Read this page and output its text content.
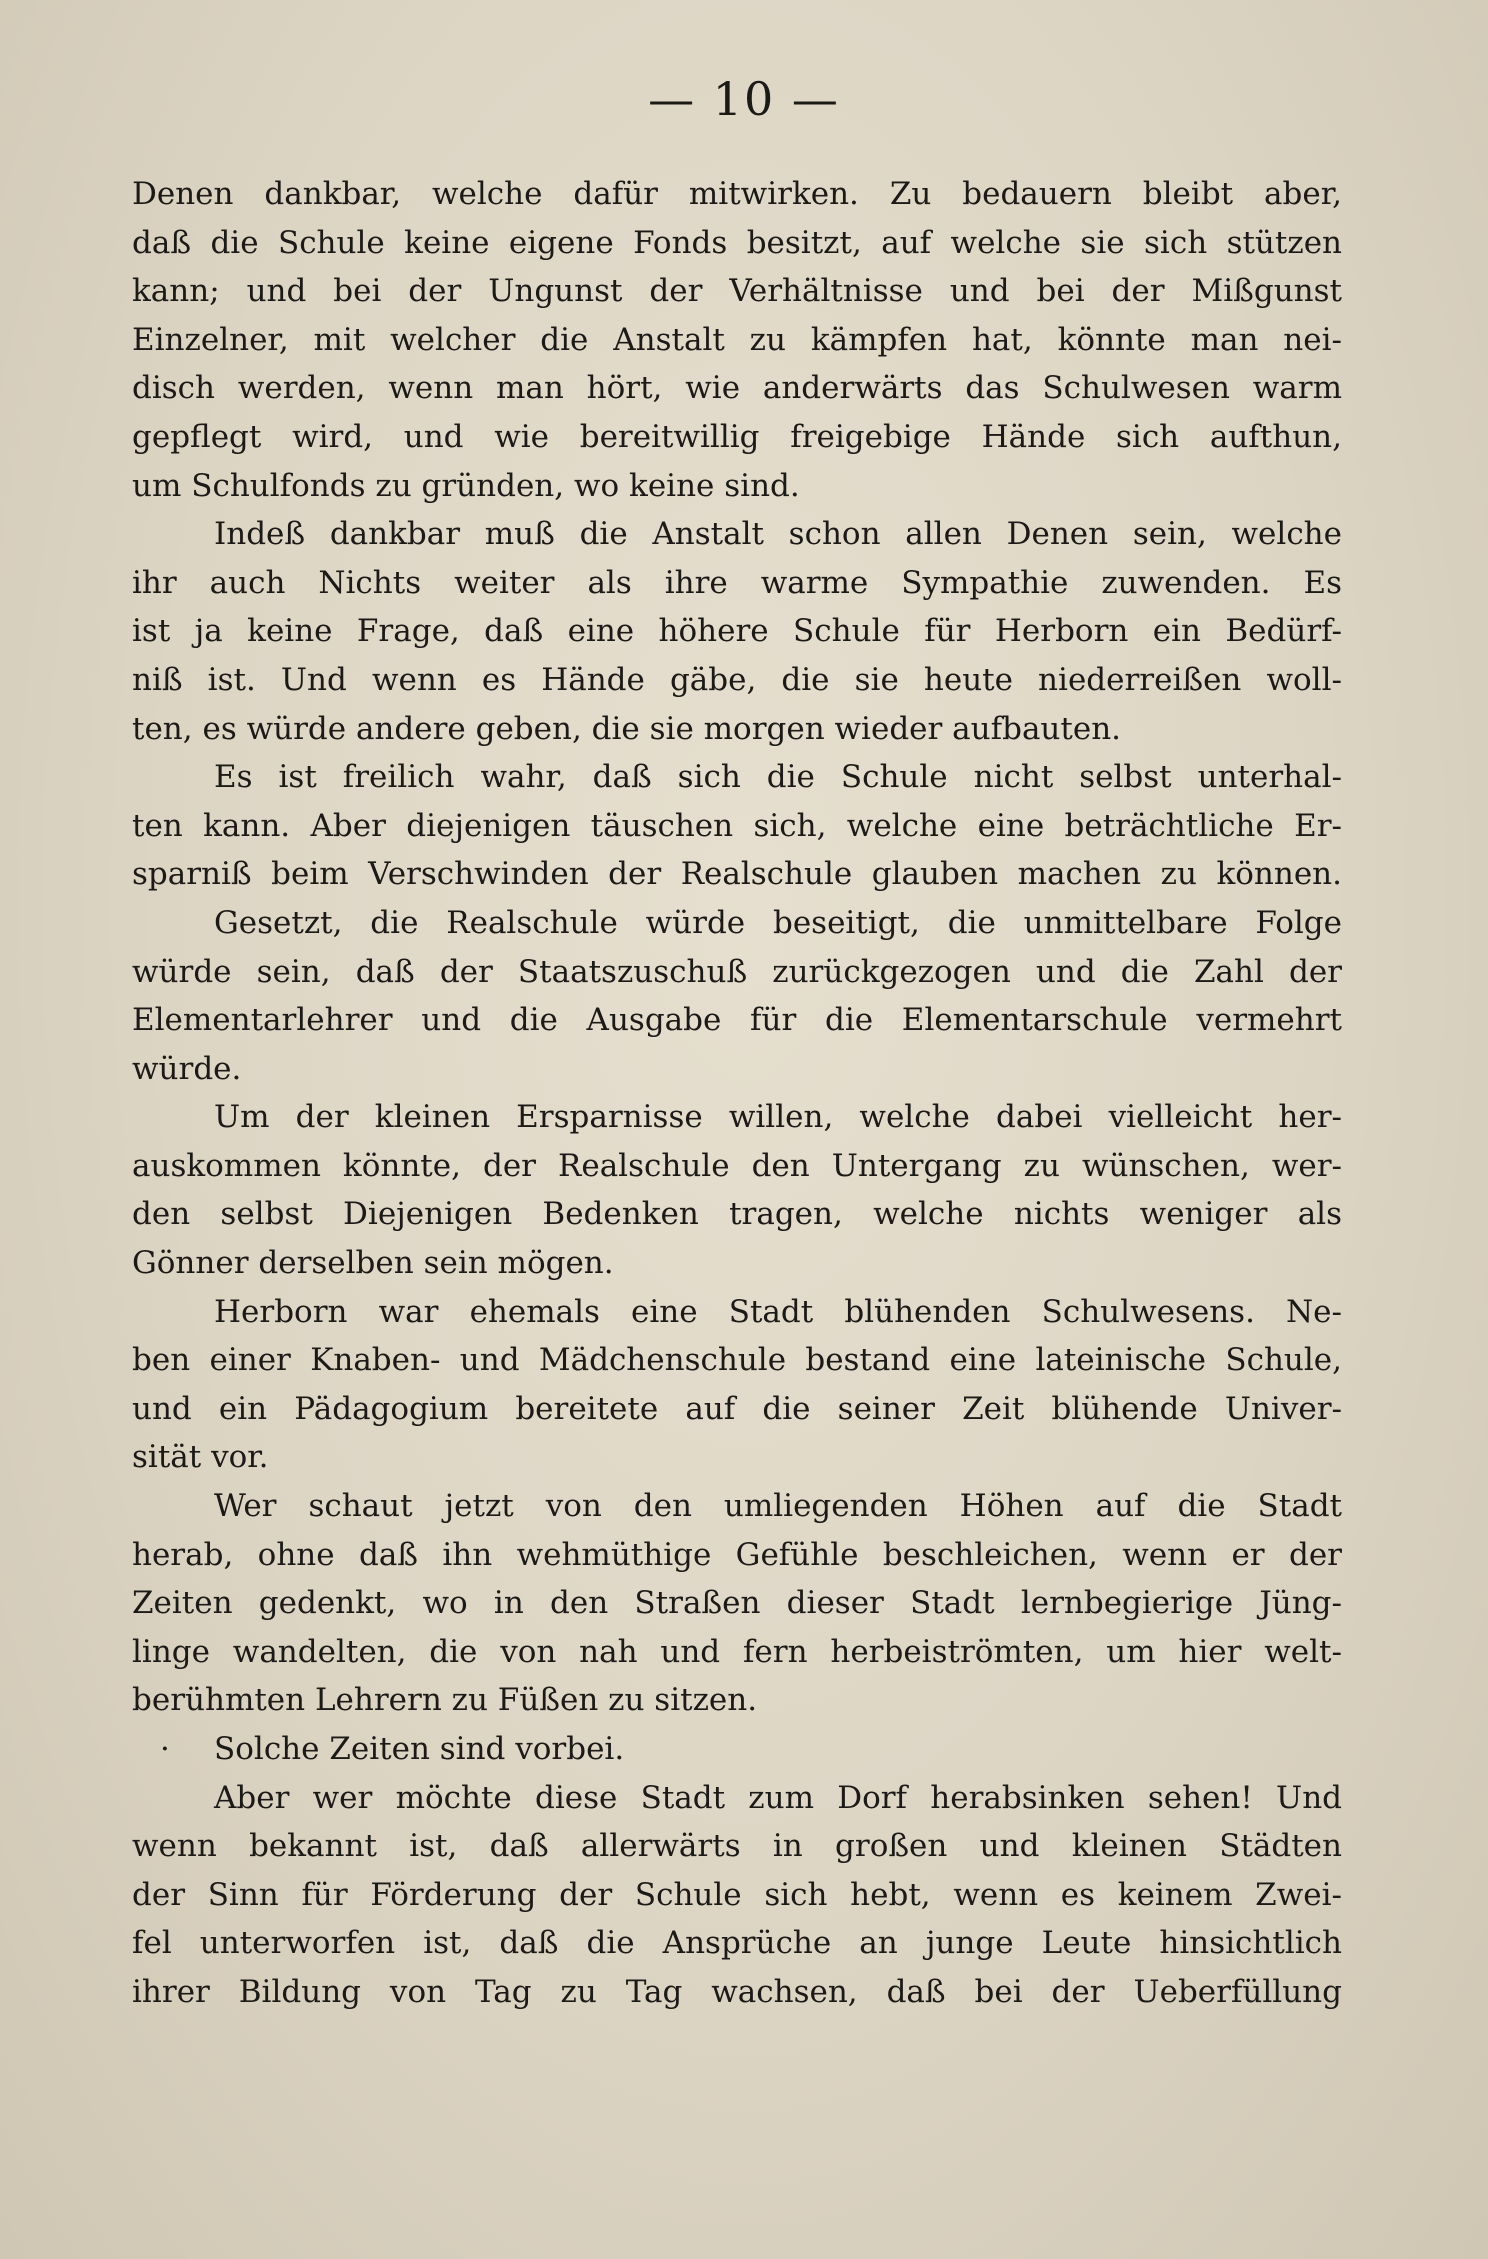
— 10 —
Denen dankbar, welche dafür mitwirken. Zu bedauern bleibt aber,
daß die Schule keine eigene Fonds besitzt, auf welche sie sich stützen
kann; und bei der Ungunst der Verhältnisse und bei der Mißgunst
Einzelner, mit welcher die Anstalt zu kämpfen hat, könnte man nei-
disch werden, wenn man hört, wie anderwärts das Schulwesen warm
gepflegt wird, und wie bereitwillig freigebige Hände sich aufthun,
um Schulfonds zu gründen, wo keine sind.
Indeß dankbar muß die Anstalt schon allen Denen sein, welche
ihr auch Nichts weiter als ihre warme Sympathie zuwenden. Es
ist ja keine Frage, daß eine höhere Schule für Herborn ein Bedürf-
niß ist. Und wenn es Hände gäbe, die sie heute niederreißen woll-
ten, es würde andere geben, die sie morgen wieder aufbauten.
Es ist freilich wahr, daß sich die Schule nicht selbst unterhal-
ten kann. Aber diejenigen täuschen sich, welche eine beträchtliche Er-
sparniß beim Verschwinden der Realschule glauben machen zu können.
Gesetzt, die Realschule würde beseitigt, die unmittelbare Folge
würde sein, daß der Staatszuschuß zurückgezogen und die Zahl der
Elementarlehrer und die Ausgabe für die Elementarschule vermehrt
würde.
Um der kleinen Ersparnisse willen, welche dabei vielleicht her-
auskommen könnte, der Realschule den Untergang zu wünschen, wer-
den selbst Diejenigen Bedenken tragen, welche nichts weniger als
Gönner derselben sein mögen.
Herborn war ehemals eine Stadt blühenden Schulwesens. Ne-
ben einer Knaben- und Mädchenschule bestand eine lateinische Schule,
und ein Pädagogium bereitete auf die seiner Zeit blühende Univer-
sität vor.
Wer schaut jetzt von den umliegenden Höhen auf die Stadt
herab, ohne daß ihn wehmüthige Gefühle beschleichen, wenn er der
Zeiten gedenkt, wo in den Straßen dieser Stadt lernbegierige Jüng-
linge wandelten, die von nah und fern herbeiströmten, um hier welt-
berühmten Lehrern zu Füßen zu sitzen.
· Solche Zeiten sind vorbei.
Aber wer möchte diese Stadt zum Dorf herabsinken sehen! Und
wenn bekannt ist, daß allerwärts in großen und kleinen Städten
der Sinn für Förderung der Schule sich hebt, wenn es keinem Zwei-
fel unterworfen ist, daß die Ansprüche an junge Leute hinsichtlich
ihrer Bildung von Tag zu Tag wachsen, daß bei der Ueberfüllung
